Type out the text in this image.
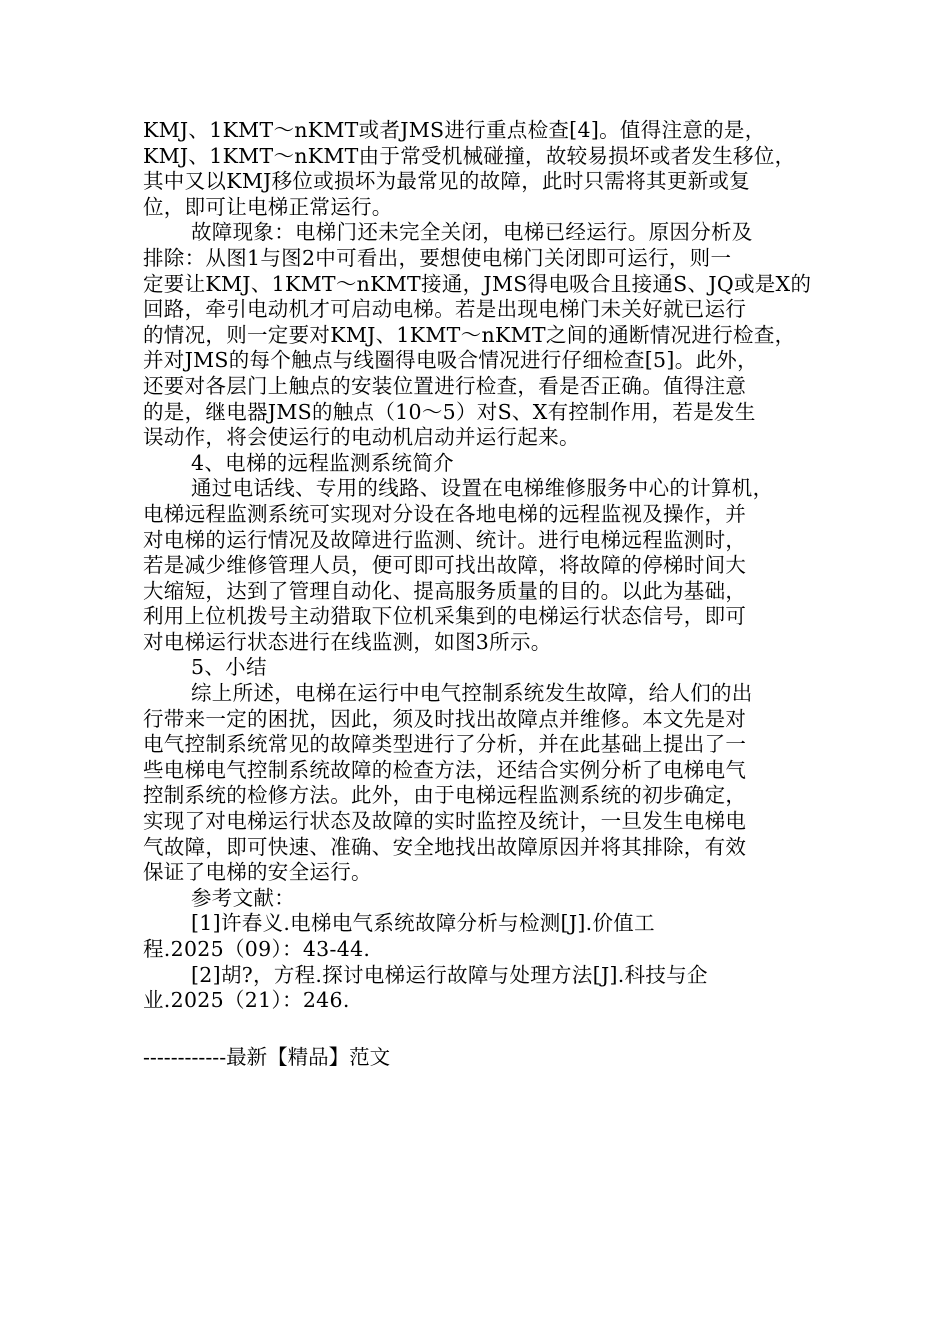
KMJ、1KMT～nKMT或者JMS进行重点检查[4]。值得注意的是，
KMJ、1KMT～nKMT由于常受机械碰撞，故较易损坏或者发生移位，
其中又以KMJ移位或损坏为最常见的故障，此时只需将其更新或复
位，即可让电梯正常运行。
故障现象：电梯门还未完全关闭，电梯已经运行。原因分析及
排除：从图1与图2中可看出，要想使电梯门关闭即可运行，则一
定要让KMJ、1KMT～nKMT接通，JMS得电吸合且接通S、JQ或是X的
回路，牵引电动机才可启动电梯。若是出现电梯门未关好就已运行
的情况，则一定要对KMJ、1KMT～nKMT之间的通断情况进行检查，
并对JMS的每个触点与线圈得电吸合情况进行仔细检查[5]。此外，
还要对各层门上触点的安装位置进行检查，看是否正确。值得注意
的是，继电器JMS的触点（10～5）对S、X有控制作用，若是发生
误动作，将会使运行的电动机启动并运行起来。
4、电梯的远程监测系统简介
通过电话线、专用的线路、设置在电梯维修服务中心的计算机，
电梯远程监测系统可实现对分设在各地电梯的远程监视及操作，并
对电梯的运行情况及故障进行监测、统计。进行电梯远程监测时，
若是减少维修管理人员，便可即可找出故障，将故障的停梯时间大
大缩短，达到了管理自动化、提高服务质量的目的。以此为基础，
利用上位机拨号主动猎取下位机采集到的电梯运行状态信号，即可
对电梯运行状态进行在线监测，如图3所示。
5、小结
综上所述，电梯在运行中电气控制系统发生故障，给人们的出
行带来一定的困扰，因此，须及时找出故障点并维修。本文先是对
电气控制系统常见的故障类型进行了分析，并在此基础上提出了一
些电梯电气控制系统故障的检查方法，还结合实例分析了电梯电气
控制系统的检修方法。此外，由于电梯远程监测系统的初步确定，
实现了对电梯运行状态及故障的实时监控及统计，一旦发生电梯电
气故障，即可快速、准确、安全地找出故障原因并将其排除，有效
保证了电梯的安全运行。
参考文献：
[1]许春义.电梯电气系统故障分析与检测[J].价值工
程.2025（09）：43-44.
[2]胡?，方程.探讨电梯运行故障与处理方法[J].科技与企
业.2025（21）：246.
------------最新【精品】范文
